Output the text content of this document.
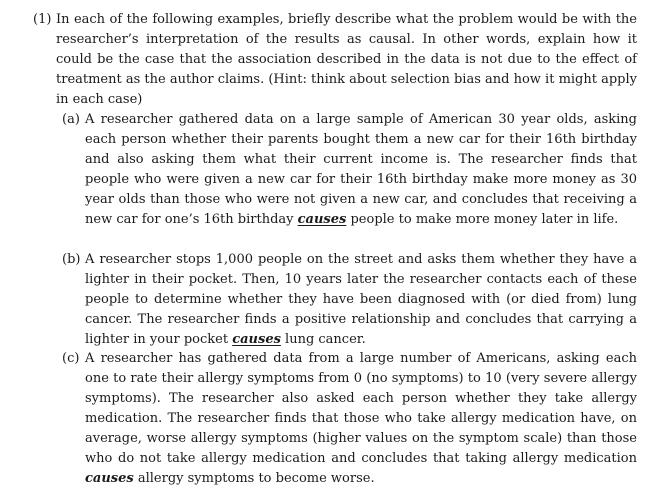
(1) In each of the following examples, briefly describe what the problem would be with the researcher’s interpretation of the results as causal. In other words, explain how it could be the case that the association described in the data is not due to the effect of treatment as the author claims. (Hint: think about selection bias and how it might apply in each case)
(a) A researcher gathered data on a large sample of American 30 year olds, asking each person whether their parents bought them a new car for their 16th birthday and also asking them what their current income is. The researcher finds that people who were given a new car for their 16th birthday make more money as 30 year olds than those who were not given a new car, and concludes that receiving a new car for one’s 16th birthday causes people to make more money later in life.
(b) A researcher stops 1,000 people on the street and asks them whether they have a lighter in their pocket. Then, 10 years later the researcher contacts each of these people to determine whether they have been diagnosed with (or died from) lung cancer. The researcher finds a positive relationship and concludes that carrying a lighter in your pocket causes lung cancer.
(c) A researcher has gathered data from a large number of Americans, asking each one to rate their allergy symptoms from 0 (no symptoms) to 10 (very severe allergy symptoms). The researcher also asked each person whether they take allergy medication. The researcher finds that those who take allergy medication have, on average, worse allergy symptoms (higher values on the symptom scale) than those who do not take allergy medication and concludes that taking allergy medication causes allergy symptoms to become worse.
